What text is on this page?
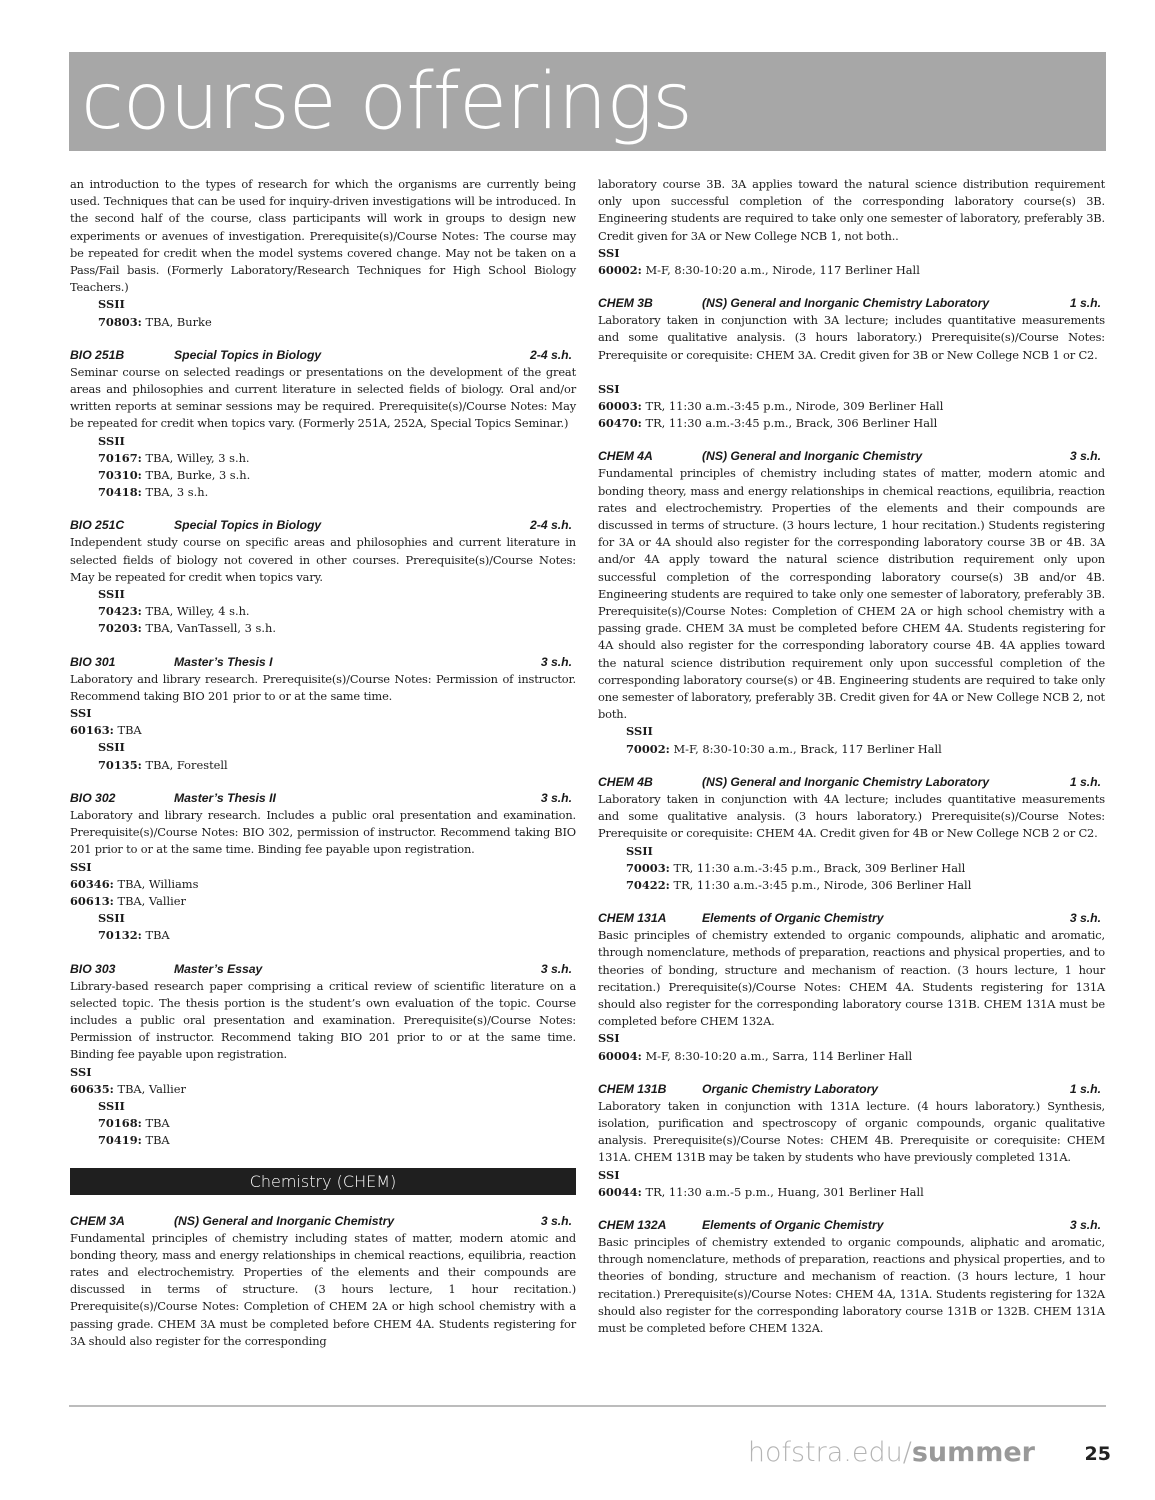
course offerings

an introduction to the types of research for which the organisms are currently being used. Techniques that can be used for inquiry-driven investigations will be introduced. In the second half of the course, class participants will work in groups to design new experiments or avenues of investigation. Prerequisite(s)/Course Notes: The course may be repeated for credit when the model systems covered change. May not be taken on a Pass/Fail basis. (Formerly Laboratory/Research Techniques for High School Biology Teachers.)

SSII
70803: TBA, Burke
BIO 251B	Special Topics in Biology	2-4 s.h.

Seminar course on selected readings or presentations on the development of the great areas and philosophies and current literature in selected fields of biology. Oral and/or written reports at seminar sessions may be required. Prerequisite(s)/Course Notes: May be repeated for credit when topics vary. (Formerly 251A, 252A, Special Topics Seminar.)

SSII
70167: TBA, Willey, 3 s.h.
70310: TBA, Burke, 3 s.h.
70418: TBA, 3 s.h.
BIO 251C	Special Topics in Biology	2-4 s.h.

Independent study course on specific areas and philosophies and current literature in selected fields of biology not covered in other courses. Prerequisite(s)/Course Notes: May be repeated for credit when topics vary.

SSII
70423: TBA, Willey, 4 s.h.
70203: TBA, VanTassell, 3 s.h.
BIO 301	Master’s Thesis I	3 s.h.

Laboratory and library research. Prerequisite(s)/Course Notes: Permission of instructor. Recommend taking BIO 201 prior to or at the same time.

SSI
60163: TBA
SSII
70135: TBA, Forestell
BIO 302	Master’s Thesis II	3 s.h.

Laboratory and library research. Includes a public oral presentation and examination. Prerequisite(s)/Course Notes: BIO 302, permission of instructor. Recommend taking BIO 201 prior to or at the same time. Binding fee payable upon registration.

SSI
60346: TBA, Williams
60613: TBA, Vallier
SSII
70132: TBA
BIO 303	Master’s Essay	3 s.h.

Library-based research paper comprising a critical review of scientific literature on a selected topic. The thesis portion is the student’s own evaluation of the topic. Course includes a public oral presentation and examination. Prerequisite(s)/Course Notes: Permission of instructor. Recommend taking BIO 201 prior to or at the same time. Binding fee payable upon registration.

SSI
60635: TBA, Vallier
SSII
70168: TBA
70419: TBA
Chemistry (CHEM)
CHEM 3A	(NS) General and Inorganic Chemistry	3 s.h.

Fundamental principles of chemistry including states of matter, modern atomic and bonding theory, mass and energy relationships in chemical reactions, equilibria, reaction rates and electrochemistry. Properties of the elements and their compounds are discussed in terms of structure. (3 hours lecture, 1 hour recitation.) Prerequisite(s)/Course Notes: Completion of CHEM 2A or high school chemistry with a passing grade. CHEM 3A must be completed before CHEM 4A. Students registering for 3A should also register for the corresponding

laboratory course 3B. 3A applies toward the natural science distribution requirement only upon successful completion of the corresponding laboratory course(s) 3B. Engineering students are required to take only one semester of laboratory, preferably 3B. Credit given for 3A or New College NCB 1, not both..

SSI
60002: M-F, 8:30-10:20 a.m., Nirode, 117 Berliner Hall
CHEM 3B	(NS) General and Inorganic Chemistry Laboratory	1 s.h.

Laboratory taken in conjunction with 3A lecture; includes quantitative measurements and some qualitative analysis. (3 hours laboratory.) Prerequisite(s)/Course Notes: Prerequisite or corequisite: CHEM 3A. Credit given for 3B or New College NCB 1 or C2.

SSI
60003: TR, 11:30 a.m.-3:45 p.m., Nirode, 309 Berliner Hall
60470: TR, 11:30 a.m.-3:45 p.m., Brack, 306 Berliner Hall
CHEM 4A	(NS) General and Inorganic Chemistry	3 s.h.

Fundamental principles of chemistry including states of matter, modern atomic and bonding theory, mass and energy relationships in chemical reactions, equilibria, reaction rates and electrochemistry. Properties of the elements and their compounds are discussed in terms of structure. (3 hours lecture, 1 hour recitation.) Students registering for 3A or 4A should also register for the corresponding laboratory course 3B or 4B. 3A and/or 4A apply toward the natural science distribution requirement only upon successful completion of the corresponding laboratory course(s) 3B and/or 4B. Engineering students are required to take only one semester of laboratory, preferably 3B. Prerequisite(s)/Course Notes: Completion of CHEM 2A or high school chemistry with a passing grade. CHEM 3A must be completed before CHEM 4A. Students registering for 4A should also register for the corresponding laboratory course 4B. 4A applies toward the natural science distribution requirement only upon successful completion of the corresponding laboratory course(s) or 4B. Engineering students are required to take only one semester of laboratory, preferably 3B. Credit given for 4A or New College NCB 2, not both.

SSII
70002: M-F, 8:30-10:30 a.m., Brack, 117 Berliner Hall
CHEM 4B	(NS) General and Inorganic Chemistry Laboratory	1 s.h.

Laboratory taken in conjunction with 4A lecture; includes quantitative measurements and some qualitative analysis. (3 hours laboratory.) Prerequisite(s)/Course Notes: Prerequisite or corequisite: CHEM 4A. Credit given for 4B or New College NCB 2 or C2.

SSII
70003: TR, 11:30 a.m.-3:45 p.m., Brack, 309 Berliner Hall
70422: TR, 11:30 a.m.-3:45 p.m., Nirode, 306 Berliner Hall
CHEM 131A	Elements of Organic Chemistry	3 s.h.

Basic principles of chemistry extended to organic compounds, aliphatic and aromatic, through nomenclature, methods of preparation, reactions and physical properties, and to theories of bonding, structure and mechanism of reaction. (3 hours lecture, 1 hour recitation.) Prerequisite(s)/Course Notes: CHEM 4A. Students registering for 131A should also register for the corresponding laboratory course 131B. CHEM 131A must be completed before CHEM 132A.

SSI
60004: M-F, 8:30-10:20 a.m., Sarra, 114 Berliner Hall
CHEM 131B	Organic Chemistry Laboratory	1 s.h.

Laboratory taken in conjunction with 131A lecture. (4 hours laboratory.) Synthesis, isolation, purification and spectroscopy of organic compounds, organic qualitative analysis. Prerequisite(s)/Course Notes: CHEM 4B. Prerequisite or corequisite: CHEM 131A. CHEM 131B may be taken by students who have previously completed 131A.

SSI
60044: TR, 11:30 a.m.-5 p.m., Huang, 301 Berliner Hall
CHEM 132A	Elements of Organic Chemistry	3 s.h.

Basic principles of chemistry extended to organic compounds, aliphatic and aromatic, through nomenclature, methods of preparation, reactions and physical properties, and to theories of bonding, structure and mechanism of reaction. (3 hours lecture, 1 hour recitation.) Prerequisite(s)/Course Notes: CHEM 4A, 131A. Students registering for 132A should also register for the corresponding laboratory course 131B or 132B. CHEM 131A must be completed before CHEM 132A.

hofstra.edu/summer	25
